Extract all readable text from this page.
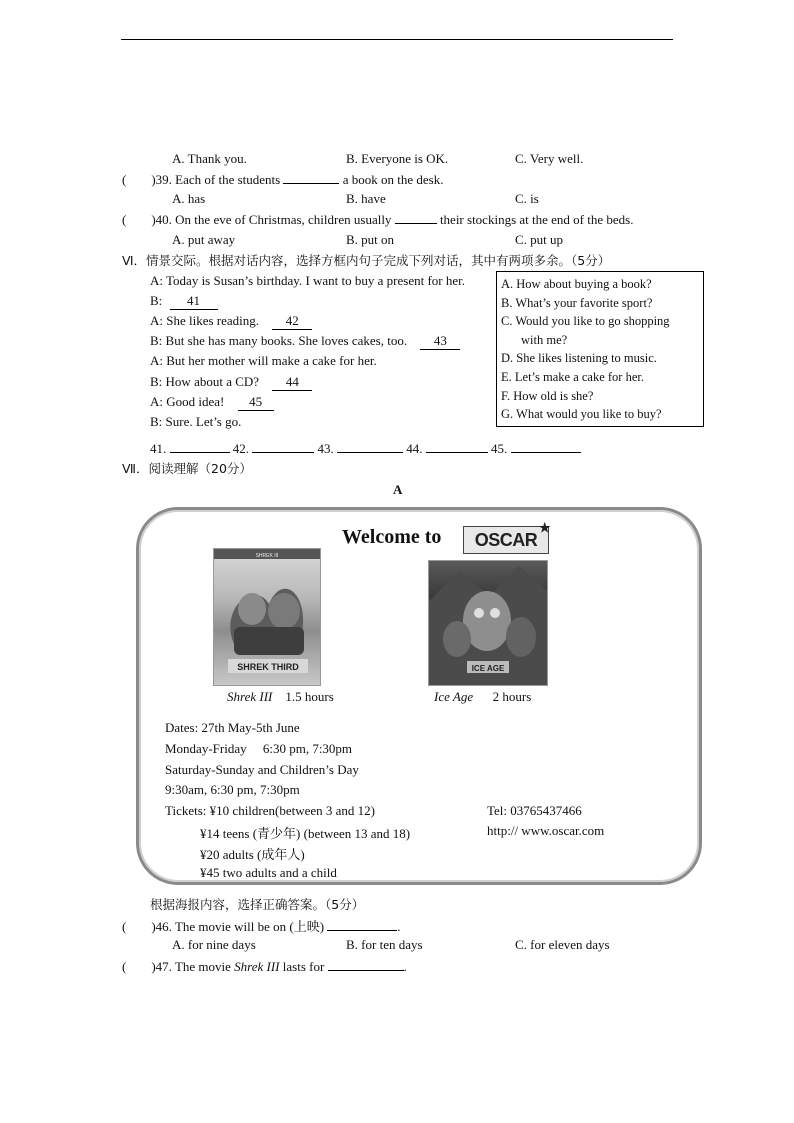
A. Thank you.	B. Everyone is OK.	C. Very well.
( )39. Each of the students	a book on the desk.
A. has	B. have	C. is
( )40. On the eve of Christmas, children usually	their stockings at the end of the beds.
A. put away	B. put on	C. put up
Ⅵ．情景交际。根据对话内容，选择方框内句子完成下列对话，其中有两项多余。（5分）
A: Today is Susan’s birthday. I want to buy a present for her.
B: 41
A: She likes reading. 42
B: But she has many books. She loves cakes, too. 43
A: But her mother will make a cake for her.
B: How about a CD? 44
A: Good idea! 45
B: Sure. Let’s go.
A. How about buying a book?
B. What’s your favorite sport?
C. Would you like to go shopping
with me?
D. She likes listening to music.
E. Let’s make a cake for her.
F. How old is she?
G. What would you like to buy?
41.	42.	43.	44.	45.
Ⅶ．阅读理解（20分）
A
Welcome to	OSCAR
★
SHREK III
SHREK THIRD	ICE AGE
Shrek III 1.5 hours	Ice Age 2 hours
Dates: 27th May-5th June
Monday-Friday     6:30 pm, 7:30pm
Saturday-Sunday and Children’s Day
9:30am, 6:30 pm, 7:30pm
Tickets: ¥10 children(between 3 and 12)	Tel: 03765437466
¥14 teens (青少年) (between 13 and 18)	http:// www.oscar.com
¥20 adults (成年人)
¥45 two adults and a child
根据海报内容，选择正确答案。（5分）
( )46. The movie will be on (上映)	.
A. for nine days	B. for ten days	C. for eleven days
( )47. The movie Shrek III lasts for	.
